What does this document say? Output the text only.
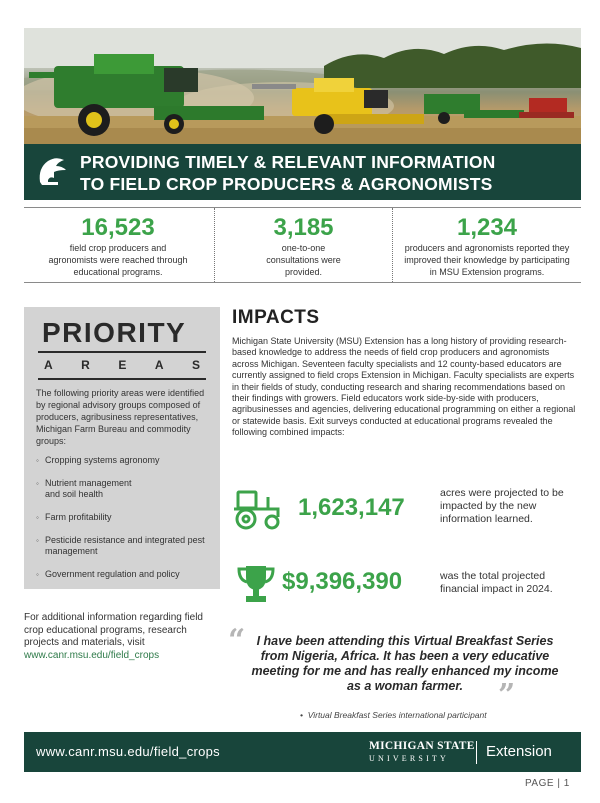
PROVIDING TIMELY & RELEVANT INFORMATION
TO FIELD CROP PRODUCERS & AGRONOMISTS
16,523
field crop producers and agronomists were reached through educational programs.
3,185
one-to-one consultations were provided.
1,234
producers and agronomists reported they improved their knowledge by participating in MSU Extension programs.
PRIORITY
A R E A S
The following priority areas were identified by regional advisory groups composed of producers, agribusiness representatives, Michigan Farm Bureau and commodity groups:
◦ Cropping systems agronomy
◦ Nutrient management and soil health
◦ Farm profitability
◦ Pesticide resistance and integrated pest management
◦ Government regulation and policy
For additional information regarding field crop educational programs, research projects and materials, visit www.canr.msu.edu/field_crops
IMPACTS
Michigan State University (MSU) Extension has a long history of providing research-based knowledge to address the needs of field crop producers and agronomists across Michigan. Seventeen faculty specialists and 12 county-based educators are currently assigned to field crops Extension in Michigan. Faculty specialists are experts in their fields of study, conducting research and sharing recommendations based on their findings with growers. Field educators work side-by-side with producers, agribusinesses and agencies, delivering educational programming on either a regional or statewide basis. Exit surveys conducted at educational programs revealed the following combined impacts:
1,623,147
acres were projected to be impacted by the new information learned.
$9,396,390	was the total projected financial impact in 2024.
“ I have been attending this Virtual Breakfast Series from Nigeria, Africa. It has been a very educative meeting for me and has really enhanced my income as a woman farmer.	”
•  Virtual Breakfast Series international participant
www.canr.msu.edu/field_crops	MICHIGAN STATE
UNIVERSITY Extension
PAGE | 1
